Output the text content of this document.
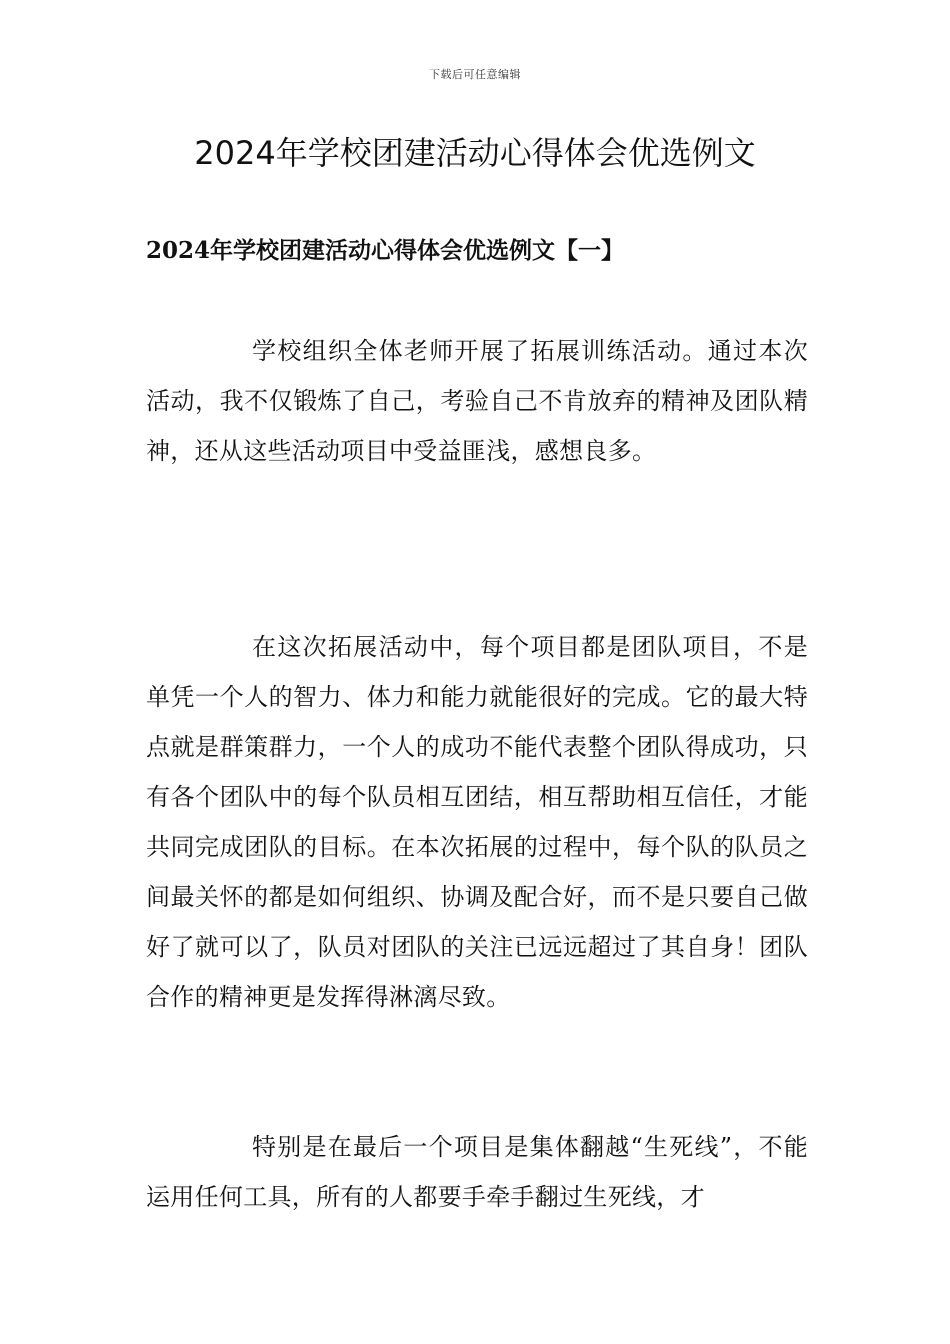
下载后可任意编辑
2024年学校团建活动心得体会优选例文
2024年学校团建活动心得体会优选例文【一】

学校组织全体老师开展了拓展训练活动。通过本次活动，我不仅锻炼了自己，考验自己不肯放弃的精神及团队精神，还从这些活动项目中受益匪浅，感想良多。

在这次拓展活动中，每个项目都是团队项目，不是单凭一个人的智力、体力和能力就能很好的完成。它的最大特点就是群策群力，一个人的成功不能代表整个团队得成功，只有各个团队中的每个队员相互团结，相互帮助相互信任，才能共同完成团队的目标。在本次拓展的过程中，每个队的队员之间最关怀的都是如何组织、协调及配合好，而不是只要自己做好了就可以了，队员对团队的关注已远远超过了其自身！团队合作的精神更是发挥得淋漓尽致。

特别是在最后一个项目是集体翻越“生死线”，不能运用任何工具，所有的人都要手牵手翻过生死线，才
